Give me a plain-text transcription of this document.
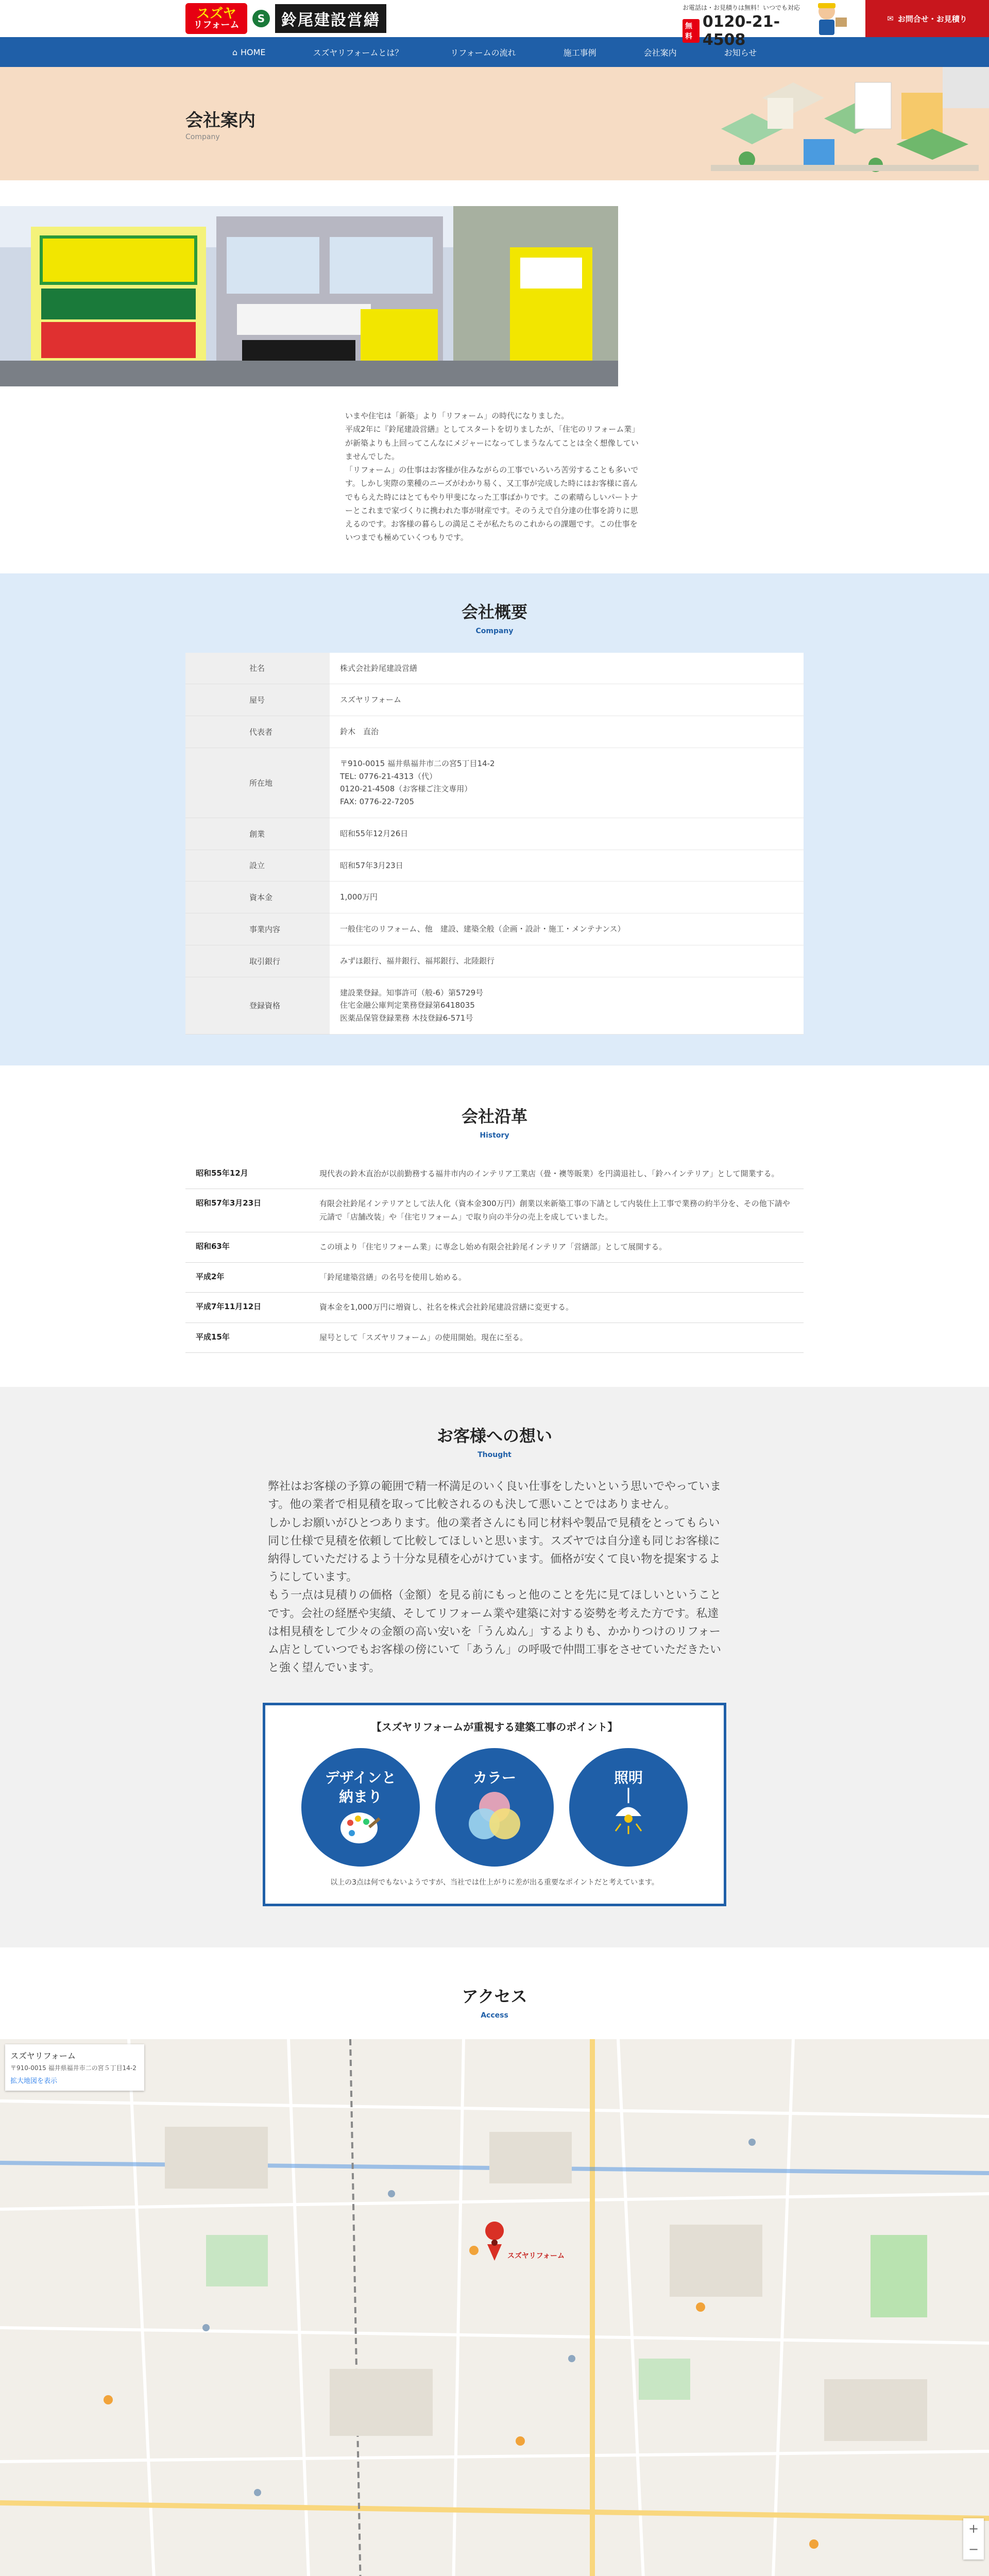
スズヤ
リフォーム
S	鈴尾建設営繕
お電話は・お見積りは無料！いつでも対応
無料
0120-21-4508
✉ お問合せ・お見積り
⌂ HOME	スズヤリフォームとは？	リフォームの流れ	施工事例	会社案内	お知らせ
会社案内
Company

いまや住宅は「新築」より「リフォーム」の時代になりました。

平成2年に『鈴尾建設営繕』としてスタートを切りましたが、「住宅のリフォーム業」が新築よりも上回ってこんなにメジャーになってしまうなんてことは全く想像していませんでした。

「リフォーム」の仕事はお客様が住みながらの工事でいろいろ苦労することも多いです。しかし実際の業種のニーズがわかり易く、又工事が完成した時にはお客様に喜んでもらえた時にはとてもやり甲斐になった工事ばかりです。この素晴らしいパートナーとこれまで家づくりに携われた事が財産です。そのうえで自分達の仕事を誇りに思えるのです。お客様の暮らしの満足こそが私たちのこれからの課題です。この仕事をいつまでも極めていくつもりです。

会社概要
Company
社名	株式会社鈴尾建設営繕
屋号	スズヤリフォーム
代表者	鈴木　直治
所在地	〒910-0015 福井県福井市二の宮5丁目14-2
TEL: 0776-21-4313（代）
0120-21-4508（お客様ご注文専用）
FAX: 0776-22-7205
創業	昭和55年12月26日
設立	昭和57年3月23日
資本金	1,000万円
事業内容	一般住宅のリフォーム、他　建設、建築全般（企画・設計・施工・メンテナンス）
取引銀行	みずほ銀行、福井銀行、福邦銀行、北陸銀行
登録資格	建設業登録。知事許可（般-6）第5729号
住宅金融公庫判定業務登録第6418035
医薬品保管登録業務 木技登録6-571号
会社沿革
History
昭和55年12月	現代表の鈴木直治が以前勤務する福井市内のインテリア工業店（畳・襖等販業）を円満退社し、「鈴ハインテリア」として開業する。
昭和57年3月23日	有限会社鈴尾インテリアとして法人化（資本金300万円）創業以来新築工事の下請として内装仕上工事で業務の約半分を、その他下請や元請で「店舗改装」や「住宅リフォーム」で取り向の半分の売上を成していました。
昭和63年	この頃より「住宅リフォーム業」に専念し始め有限会社鈴尾インテリア「営繕部」として展開する。
平成2年	「鈴尾建築営繕」の名号を使用し始める。
平成7年11月12日	資本金を1,000万円に増資し、社名を株式会社鈴尾建設営繕に変更する。
平成15年	屋号として「スズヤリフォーム」の使用開始。現在に至る。
お客様への想い
Thought

弊社はお客様の予算の範囲で精一杯満足のいく良い仕事をしたいという思いでやっています。他の業者で相見積を取って比較されるのも決して悪いことではありません。

しかしお願いがひとつあります。他の業者さんにも同じ材料や製品で見積をとってもらい同じ仕様で見積を依頼して比較してほしいと思います。スズヤでは自分達も同じお客様に納得していただけるよう十分な見積を心がけています。価格が安くて良い物を提案するようにしています。

もう一点は見積りの価格（金額）を見る前にもっと他のことを先に見てほしいということです。会社の経歴や実績、そしてリフォーム業や建築に対する姿勢を考えた方です。私達は相見積をして少々の金額の高い安いを「うんぬん」するよりも、かかりつけのリフォーム店としていつでもお客様の傍にいて「あうん」の呼吸で仲間工事をさせていただきたいと強く望んでいます。

【スズヤリフォームが重視する建築工事のポイント】
デザインと
納まり
カラー	照明
以上の3点は何でもないようですが、当社では仕上がりに差が出る重要なポイントだと考えています。
アクセス
Access
スズヤリフォーム
スズヤリフォーム
〒910-0015 福井県福井市二の宮５丁目14-2
拡大地図を表示
+
−
